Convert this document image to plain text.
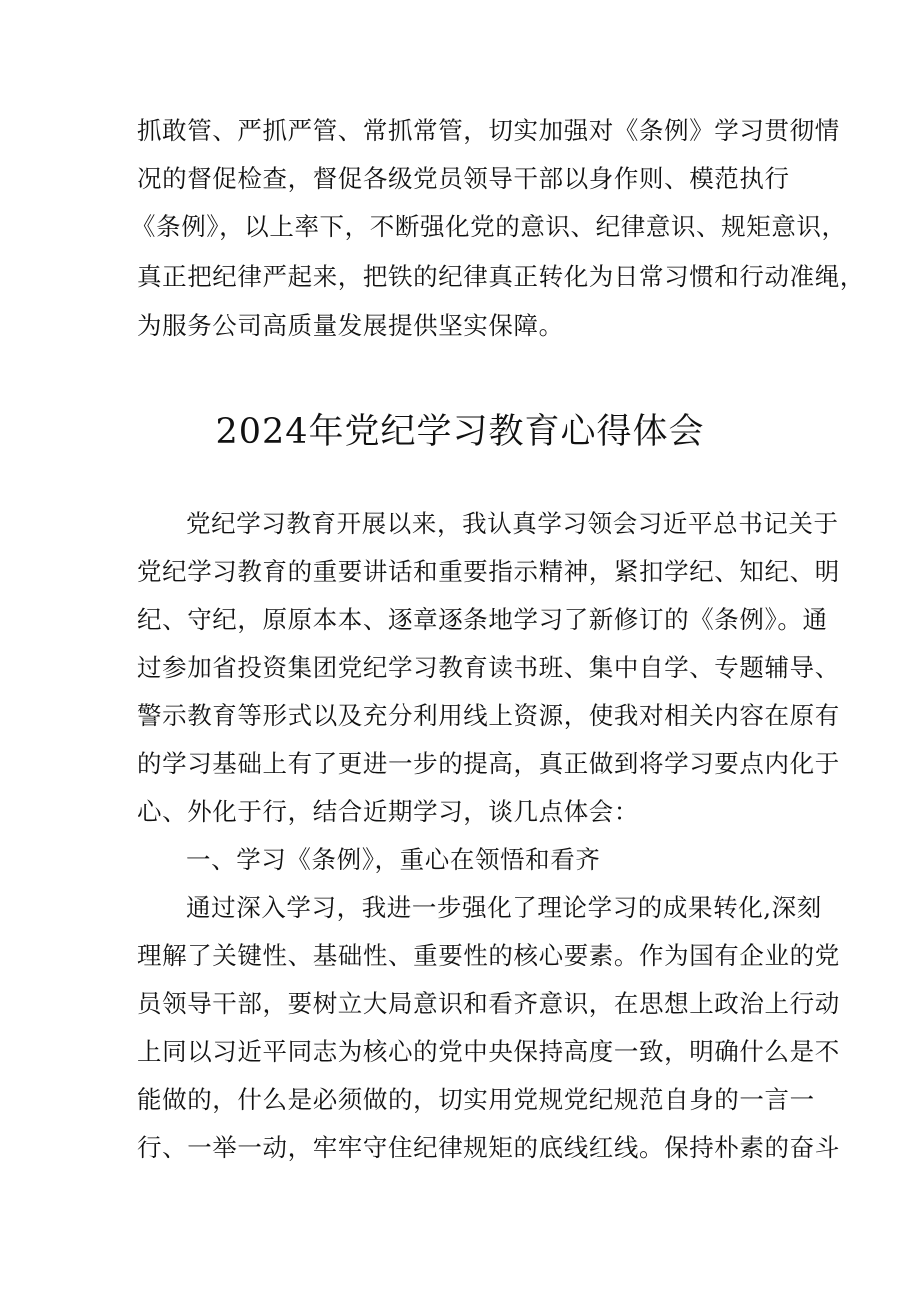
抓敢管、严抓严管、常抓常管，切实加强对《条例》学习贯彻情
况的督促检查，督促各级党员领导干部以身作则、模范执行
《条例》，以上率下，不断强化党的意识、纪律意识、规矩意识，
真正把纪律严起来，把铁的纪律真正转化为日常习惯和行动准绳，
为服务公司高质量发展提供坚实保障。
2024年党纪学习教育心得体会
党纪学习教育开展以来，我认真学习领会习近平总书记关于
党纪学习教育的重要讲话和重要指示精神，紧扣学纪、知纪、明
纪、守纪，原原本本、逐章逐条地学习了新修订的《条例》。通
过参加省投资集团党纪学习教育读书班、集中自学、专题辅导、
警示教育等形式以及充分利用线上资源，使我对相关内容在原有
的学习基础上有了更进一步的提高，真正做到将学习要点内化于
心、外化于行，结合近期学习，谈几点体会：
一、学习《条例》，重心在领悟和看齐
通过深入学习，我进一步强化了理论学习的成果转化,深刻
理解了关键性、基础性、重要性的核心要素。作为国有企业的党
员领导干部，要树立大局意识和看齐意识，在思想上政治上行动
上同以习近平同志为核心的党中央保持高度一致，明确什么是不
能做的，什么是必须做的，切实用党规党纪规范自身的一言一
行、一举一动，牢牢守住纪律规矩的底线红线。保持朴素的奋斗
